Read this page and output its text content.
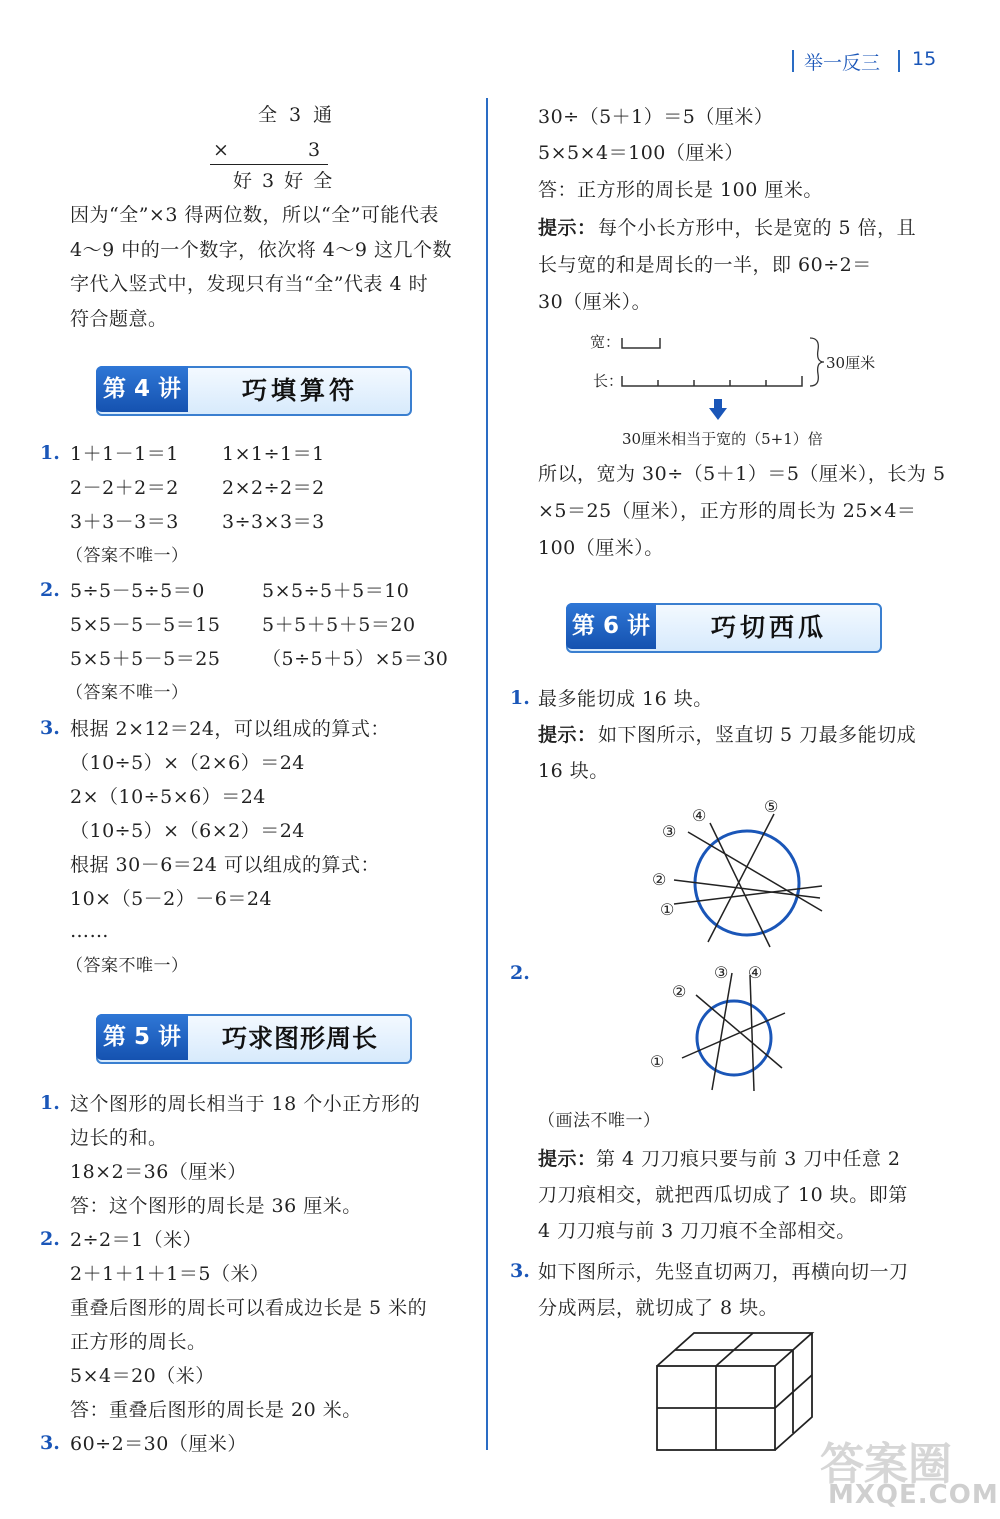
举一反三 15
全 3 通
×	3
好 3 好 全
因为“全”×3 得两位数，所以“全”可能代表
4～9 中的一个数字，依次将 4～9 这几个数
字代入竖式中，发现只有当“全”代表 4 时
符合题意。
第 4 讲	巧填算符
1. 1＋1－1＝1 1×1÷1＝1
2－2＋2＝2 2×2÷2＝2
3＋3－3＝3 3÷3×3＝3
（答案不唯一）
2. 5÷5－5÷5＝0	5×5÷5＋5＝10
5×5－5－5＝15 5＋5＋5＋5＝20
5×5＋5－5＝25 （5÷5＋5）×5＝30
（答案不唯一）
3. 根据 2×12＝24，可以组成的算式：
（10÷5）×（2×6）＝24
2×（10÷5×6）＝24
（10÷5）×（6×2）＝24
根据 30－6＝24 可以组成的算式：
10×（5－2）－6＝24
……
（答案不唯一）
第 5 讲	巧求图形周长
1. 这个图形的周长相当于 18 个小正方形的
边长的和。
18×2＝36（厘米）
答：这个图形的周长是 36 厘米。
2. 2÷2＝1（米）
2＋1＋1＋1＝5（米）
重叠后图形的周长可以看成边长是 5 米的
正方形的周长。
5×4＝20（米）
答：重叠后图形的周长是 20 米。
3. 60÷2＝30（厘米）
30÷（5＋1）＝5（厘米）
5×5×4＝100（厘米）
答：正方形的周长是 100 厘米。
提示： 每个小长方形中，长是宽的 5 倍，且
长与宽的和是周长的一半，即 60÷2＝
30（厘米）。
宽：
长：
30厘米
30厘米相当于宽的（5+1）倍
所以，宽为 30÷（5＋1）＝5（厘米），长为 5
×5＝25（厘米），正方形的周长为 25×4＝
100（厘米）。
第 6 讲	巧切西瓜
1. 最多能切成 16 块。
提示： 如下图所示，竖直切 5 刀最多能切成
16 块。
①
②
③
④	⑤
2.
①
②
③ ④
（画法不唯一）
提示： 第 4 刀刀痕只要与前 3 刀中任意 2
刀刀痕相交，就把西瓜切成了 10 块。即第
4 刀刀痕与前 3 刀刀痕不全部相交。
3. 如下图所示，先竖直切两刀，再横向切一刀
分成两层，就切成了 8 块。
答案圈
MXQE.COM
